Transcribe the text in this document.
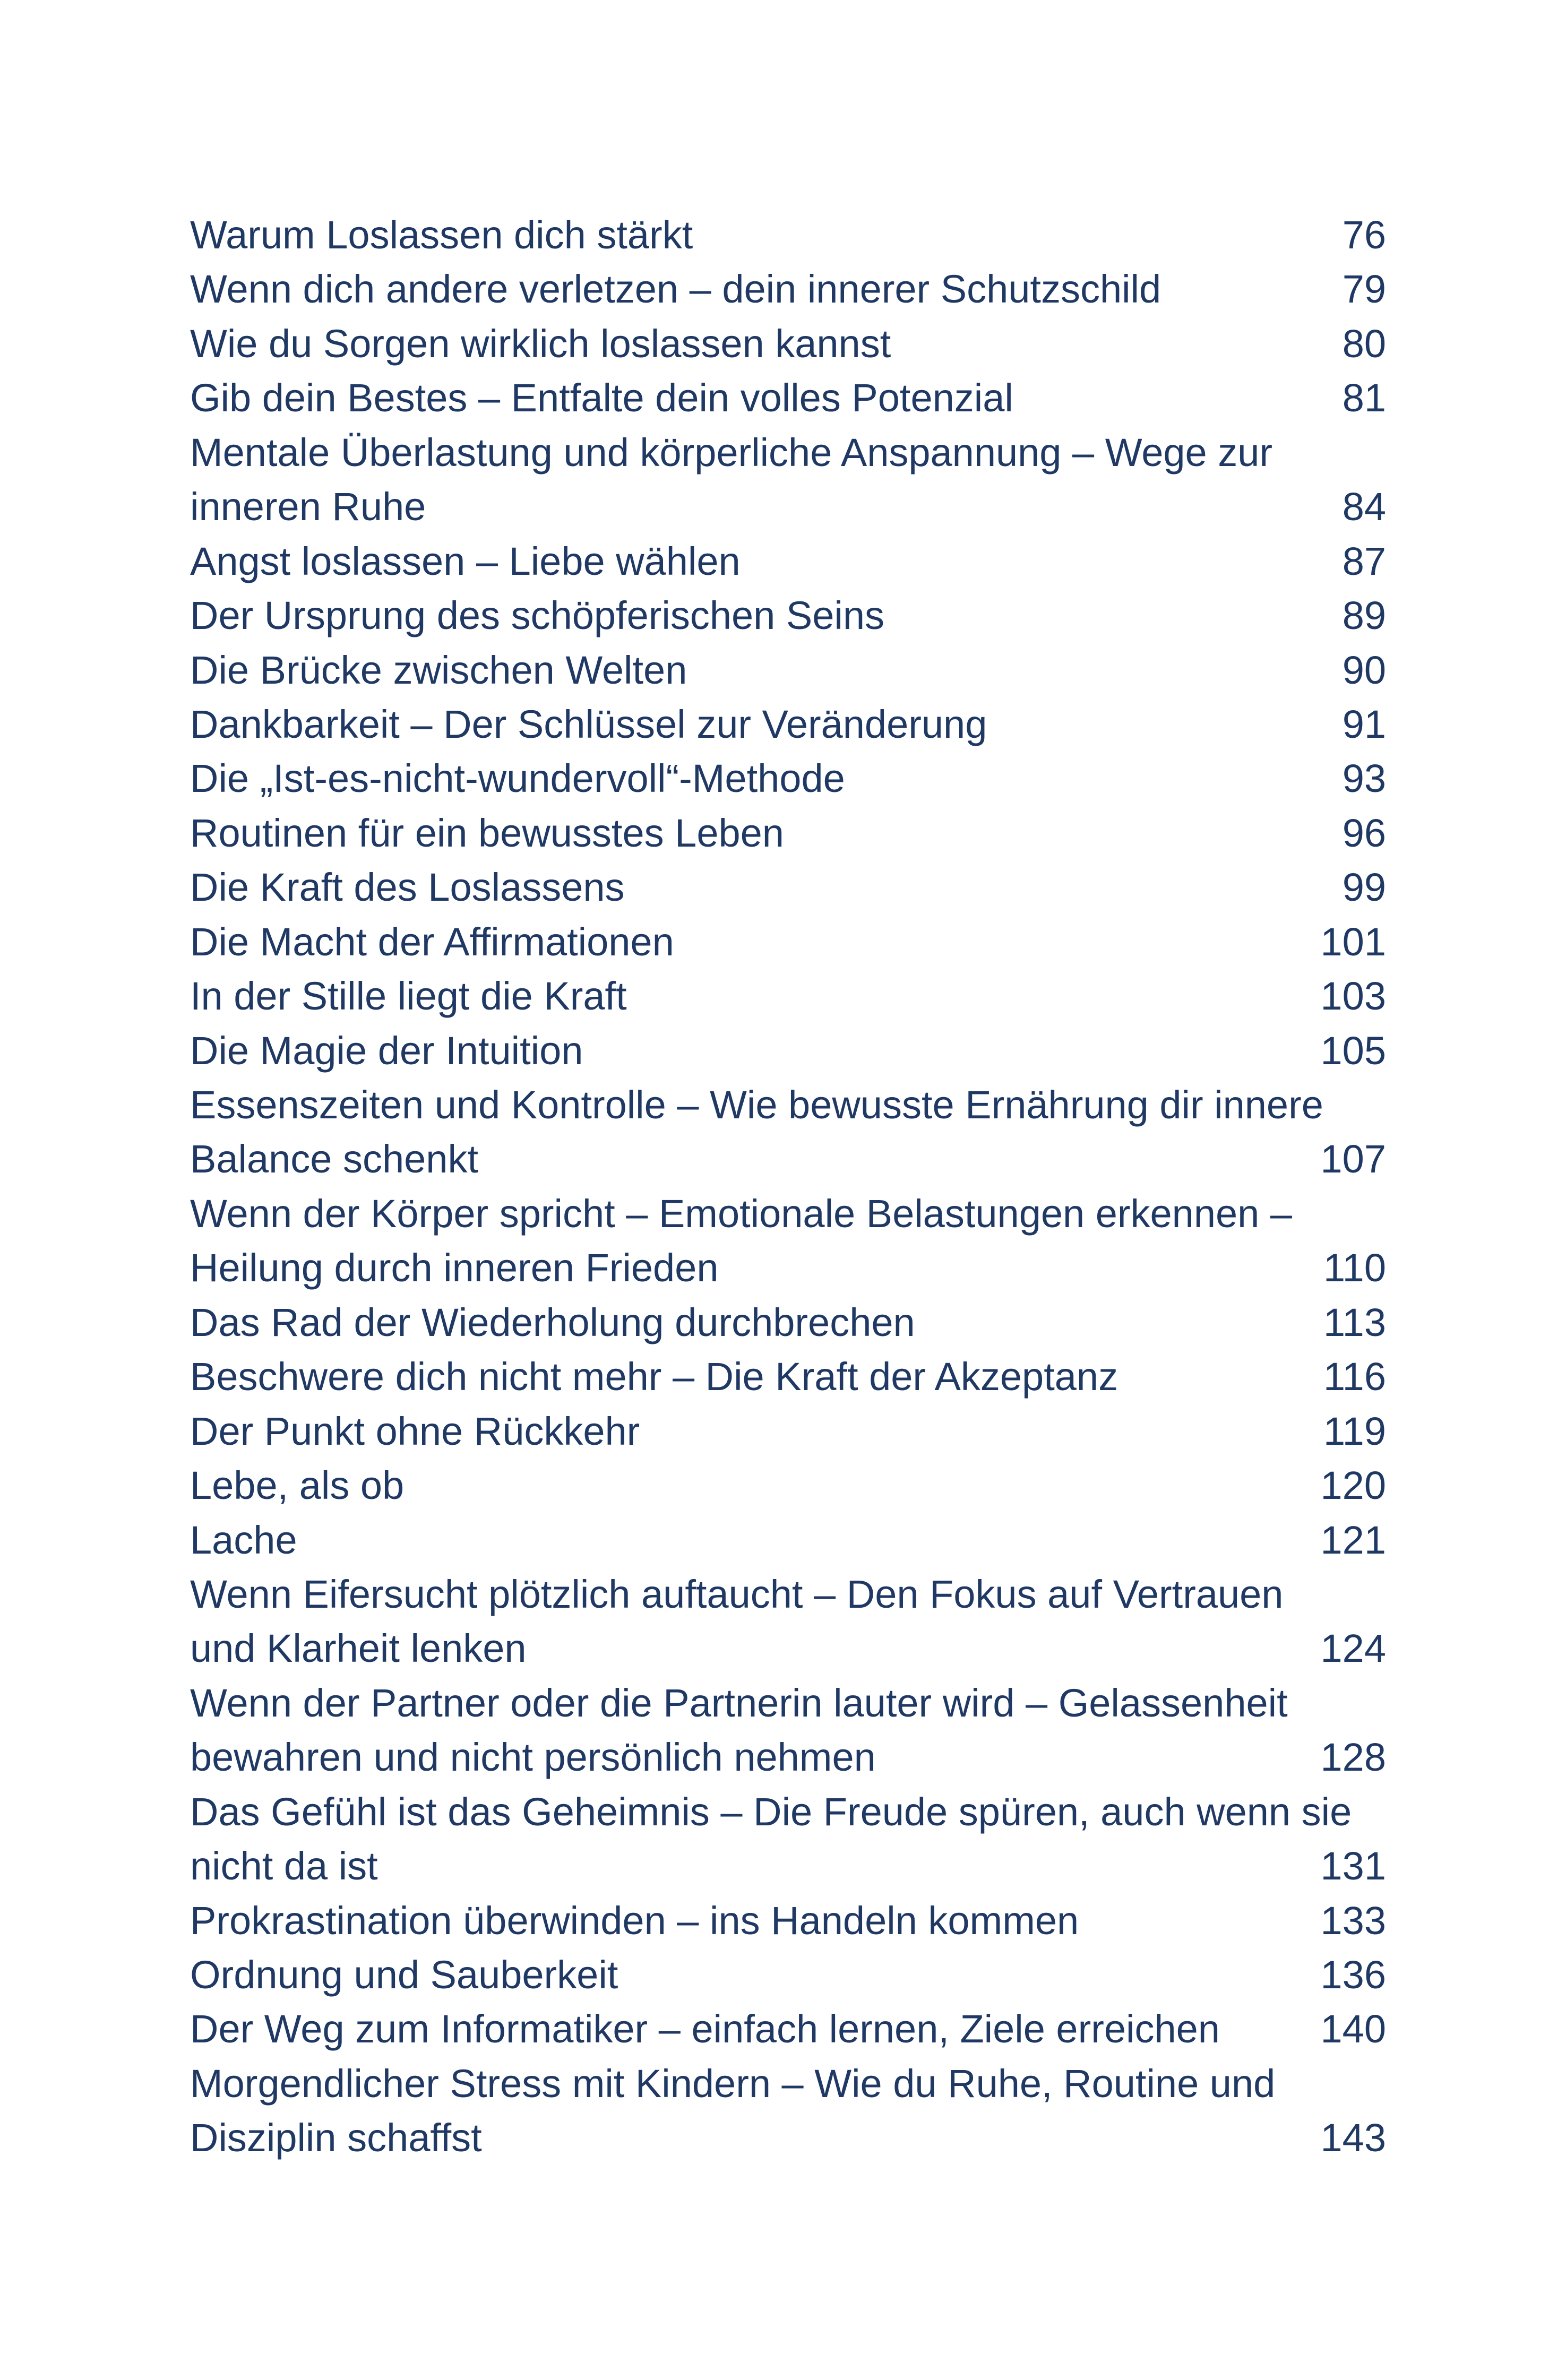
Warum Loslassen dich stärkt	76
Wenn dich andere verletzen – dein innerer Schutzschild	79
Wie du Sorgen wirklich loslassen kannst	80
Gib dein Bestes – Entfalte dein volles Potenzial	81
Mentale Überlastung und körperliche Anspannung – Wege zur
inneren Ruhe	84
Angst loslassen – Liebe wählen	87
Der Ursprung des schöpferischen Seins	89
Die Brücke zwischen Welten	90
Dankbarkeit – Der Schlüssel zur Veränderung	91
Die „Ist-es-nicht-wundervoll“-Methode	93
Routinen für ein bewusstes Leben	96
Die Kraft des Loslassens	99
Die Macht der Affirmationen	101
In der Stille liegt die Kraft	103
Die Magie der Intuition	105
Essenszeiten und Kontrolle – Wie bewusste Ernährung dir innere
Balance schenkt	107
Wenn der Körper spricht – Emotionale Belastungen erkennen –
Heilung durch inneren Frieden	110
Das Rad der Wiederholung durchbrechen	113
Beschwere dich nicht mehr – Die Kraft der Akzeptanz	116
Der Punkt ohne Rückkehr	119
Lebe, als ob	120
Lache	121
Wenn Eifersucht plötzlich auftaucht – Den Fokus auf Vertrauen
und Klarheit lenken	124
Wenn der Partner oder die Partnerin lauter wird – Gelassenheit
bewahren und nicht persönlich nehmen	128
Das Gefühl ist das Geheimnis – Die Freude spüren, auch wenn sie
nicht da ist	131
Prokrastination überwinden – ins Handeln kommen	133
Ordnung und Sauberkeit	136
Der Weg zum Informatiker – einfach lernen, Ziele erreichen	140
Morgendlicher Stress mit Kindern – Wie du Ruhe, Routine und
Disziplin schaffst	143
